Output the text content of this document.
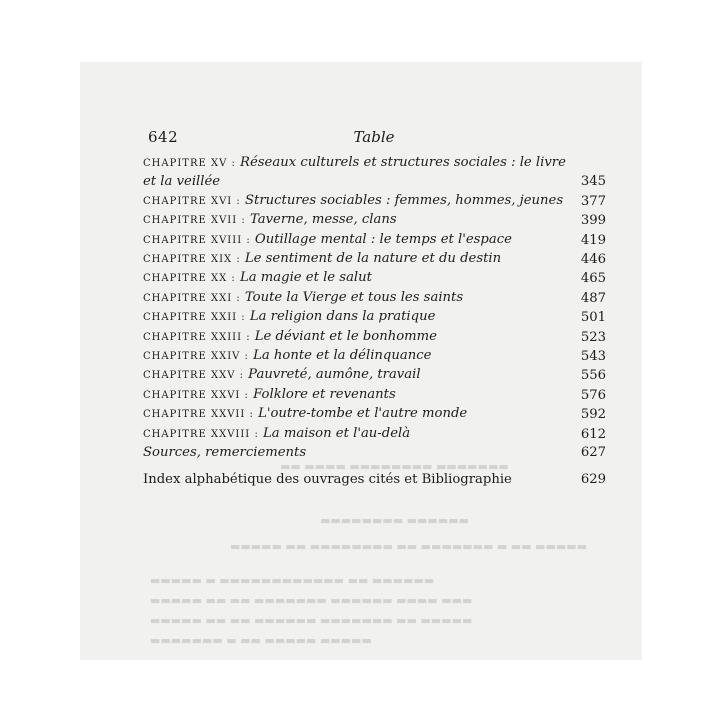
642	Table
CHAPITRE XV : Réseaux culturels et structures sociales : le livre et la veillée	345
CHAPITRE XVI : Structures sociables : femmes, hommes, jeunes 377
CHAPITRE XVII : Taverne, messe, clans	399
CHAPITRE XVIII : Outillage mental : le temps et l'espace	419
CHAPITRE XIX : Le sentiment de la nature et du destin	446
CHAPITRE XX : La magie et le salut	465
CHAPITRE XXI : Toute la Vierge et tous les saints	487
CHAPITRE XXII : La religion dans la pratique	501
CHAPITRE XXIII : Le déviant et le bonhomme	523
CHAPITRE XXIV : La honte et la délinquance	543
CHAPITRE XXV : Pauvreté, aumône, travail	556
CHAPITRE XXVI : Folklore et revenants	576
CHAPITRE XXVII : L'outre-tombe et l'autre monde	592
CHAPITRE XXVIII : La maison et l'au-delà	612
Sources, remerciements	627
Index alphabétique des ouvrages cités et Bibliographie	629
▬▬ ▬▬▬▬ ▬▬▬▬▬▬▬▬ ▬▬▬▬▬▬▬
▬▬▬▬▬▬▬▬ ▬▬▬▬▬▬
▬▬▬▬▬ ▬▬ ▬▬▬▬▬▬▬▬ ▬▬ ▬▬▬▬▬▬▬ ▬ ▬▬ ▬▬▬▬▬
▬▬▬▬▬ ▬ ▬▬▬▬▬▬▬▬▬▬▬▬ ▬▬ ▬▬▬▬▬▬
▬▬▬▬▬ ▬▬ ▬▬ ▬▬▬▬▬▬▬ ▬▬▬▬▬▬ ▬▬▬▬ ▬▬▬
▬▬▬▬▬ ▬▬ ▬▬ ▬▬▬▬▬▬ ▬▬▬▬▬▬▬ ▬▬ ▬▬▬▬▬
▬▬▬▬▬▬▬ ▬ ▬▬ ▬▬▬▬▬ ▬▬▬▬▬
